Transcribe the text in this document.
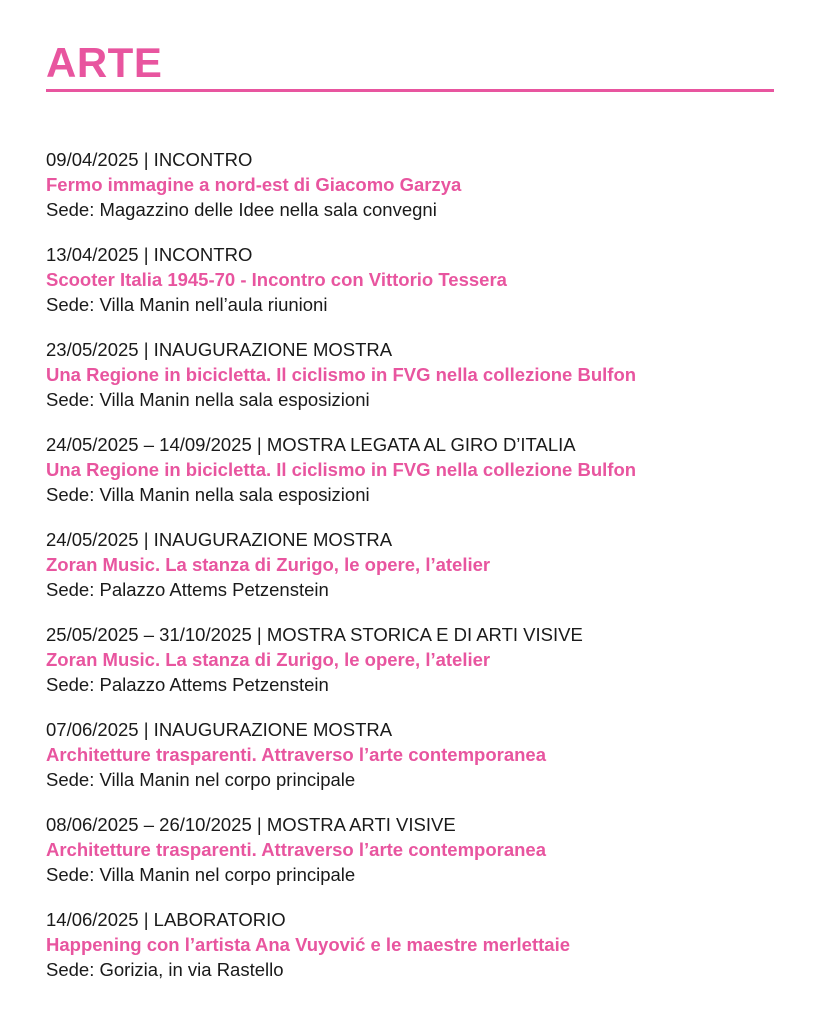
ARTE
09/04/2025 | INCONTRO
Fermo immagine a nord-est di Giacomo Garzya
Sede: Magazzino delle Idee nella sala convegni
13/04/2025 | INCONTRO
Scooter Italia 1945-70 - Incontro con Vittorio Tessera
Sede: Villa Manin nell’aula riunioni
23/05/2025 | INAUGURAZIONE MOSTRA
Una Regione in bicicletta. Il ciclismo in FVG nella collezione Bulfon
Sede: Villa Manin nella sala esposizioni
24/05/2025 – 14/09/2025 | MOSTRA LEGATA AL GIRO D’ITALIA
Una Regione in bicicletta. Il ciclismo in FVG nella collezione Bulfon
Sede: Villa Manin nella sala esposizioni
24/05/2025 | INAUGURAZIONE MOSTRA
Zoran Music. La stanza di Zurigo, le opere, l’atelier
Sede: Palazzo Attems Petzenstein
25/05/2025 – 31/10/2025 | MOSTRA STORICA E DI ARTI VISIVE
Zoran Music. La stanza di Zurigo, le opere, l’atelier
Sede: Palazzo Attems Petzenstein
07/06/2025 | INAUGURAZIONE MOSTRA
Architetture trasparenti. Attraverso l’arte contemporanea
Sede: Villa Manin nel corpo principale
08/06/2025 – 26/10/2025 | MOSTRA ARTI VISIVE
Architetture trasparenti. Attraverso l’arte contemporanea
Sede: Villa Manin nel corpo principale
14/06/2025 | LABORATORIO
Happening con l’artista Ana Vuyović e le maestre merlettaie
Sede: Gorizia, in via Rastello
